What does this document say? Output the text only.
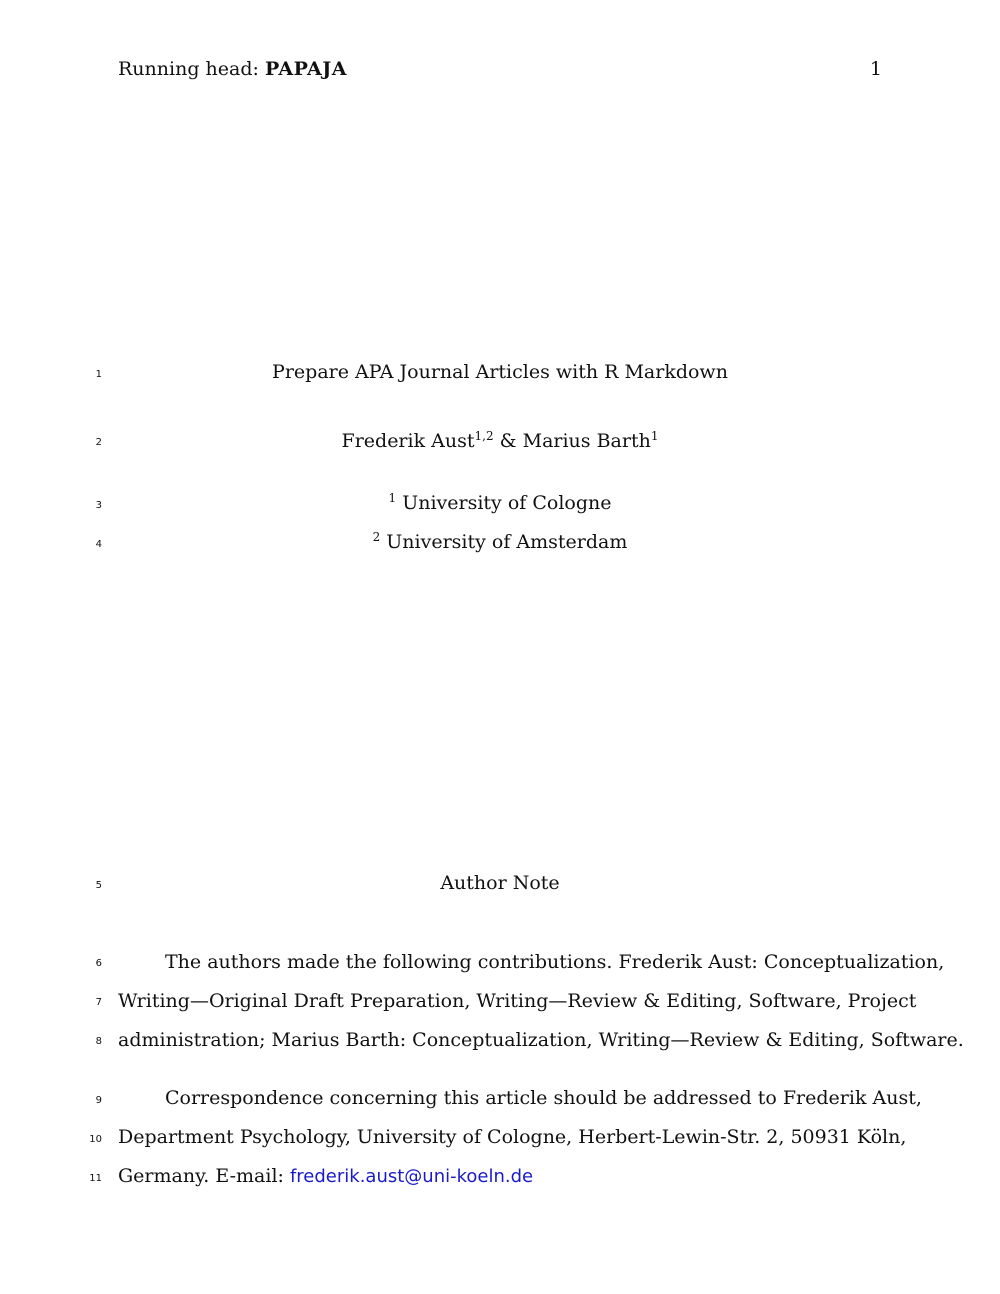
Running head: PAPAJA	1
1	Prepare APA Journal Articles with R Markdown
2	Frederik Aust$^{1,2}$ & Marius Barth$^1$
3
$^1$ University of Cologne
4
$^2$ University of Amsterdam
5	Author Note
6	The authors made the following contributions. Frederik Aust: Conceptualization,
7 Writing—Original Draft Preparation, Writing—Review & Editing, Software, Project
8 administration; Marius Barth: Conceptualization, Writing—Review & Editing, Software.
9	Correspondence concerning this article should be addressed to Frederik Aust,
10 Department Psychology, University of Cologne, Herbert-Lewin-Str. 2, 50931 Köln,
11 Germany. E-mail: frederik.aust@uni-koeln.de
